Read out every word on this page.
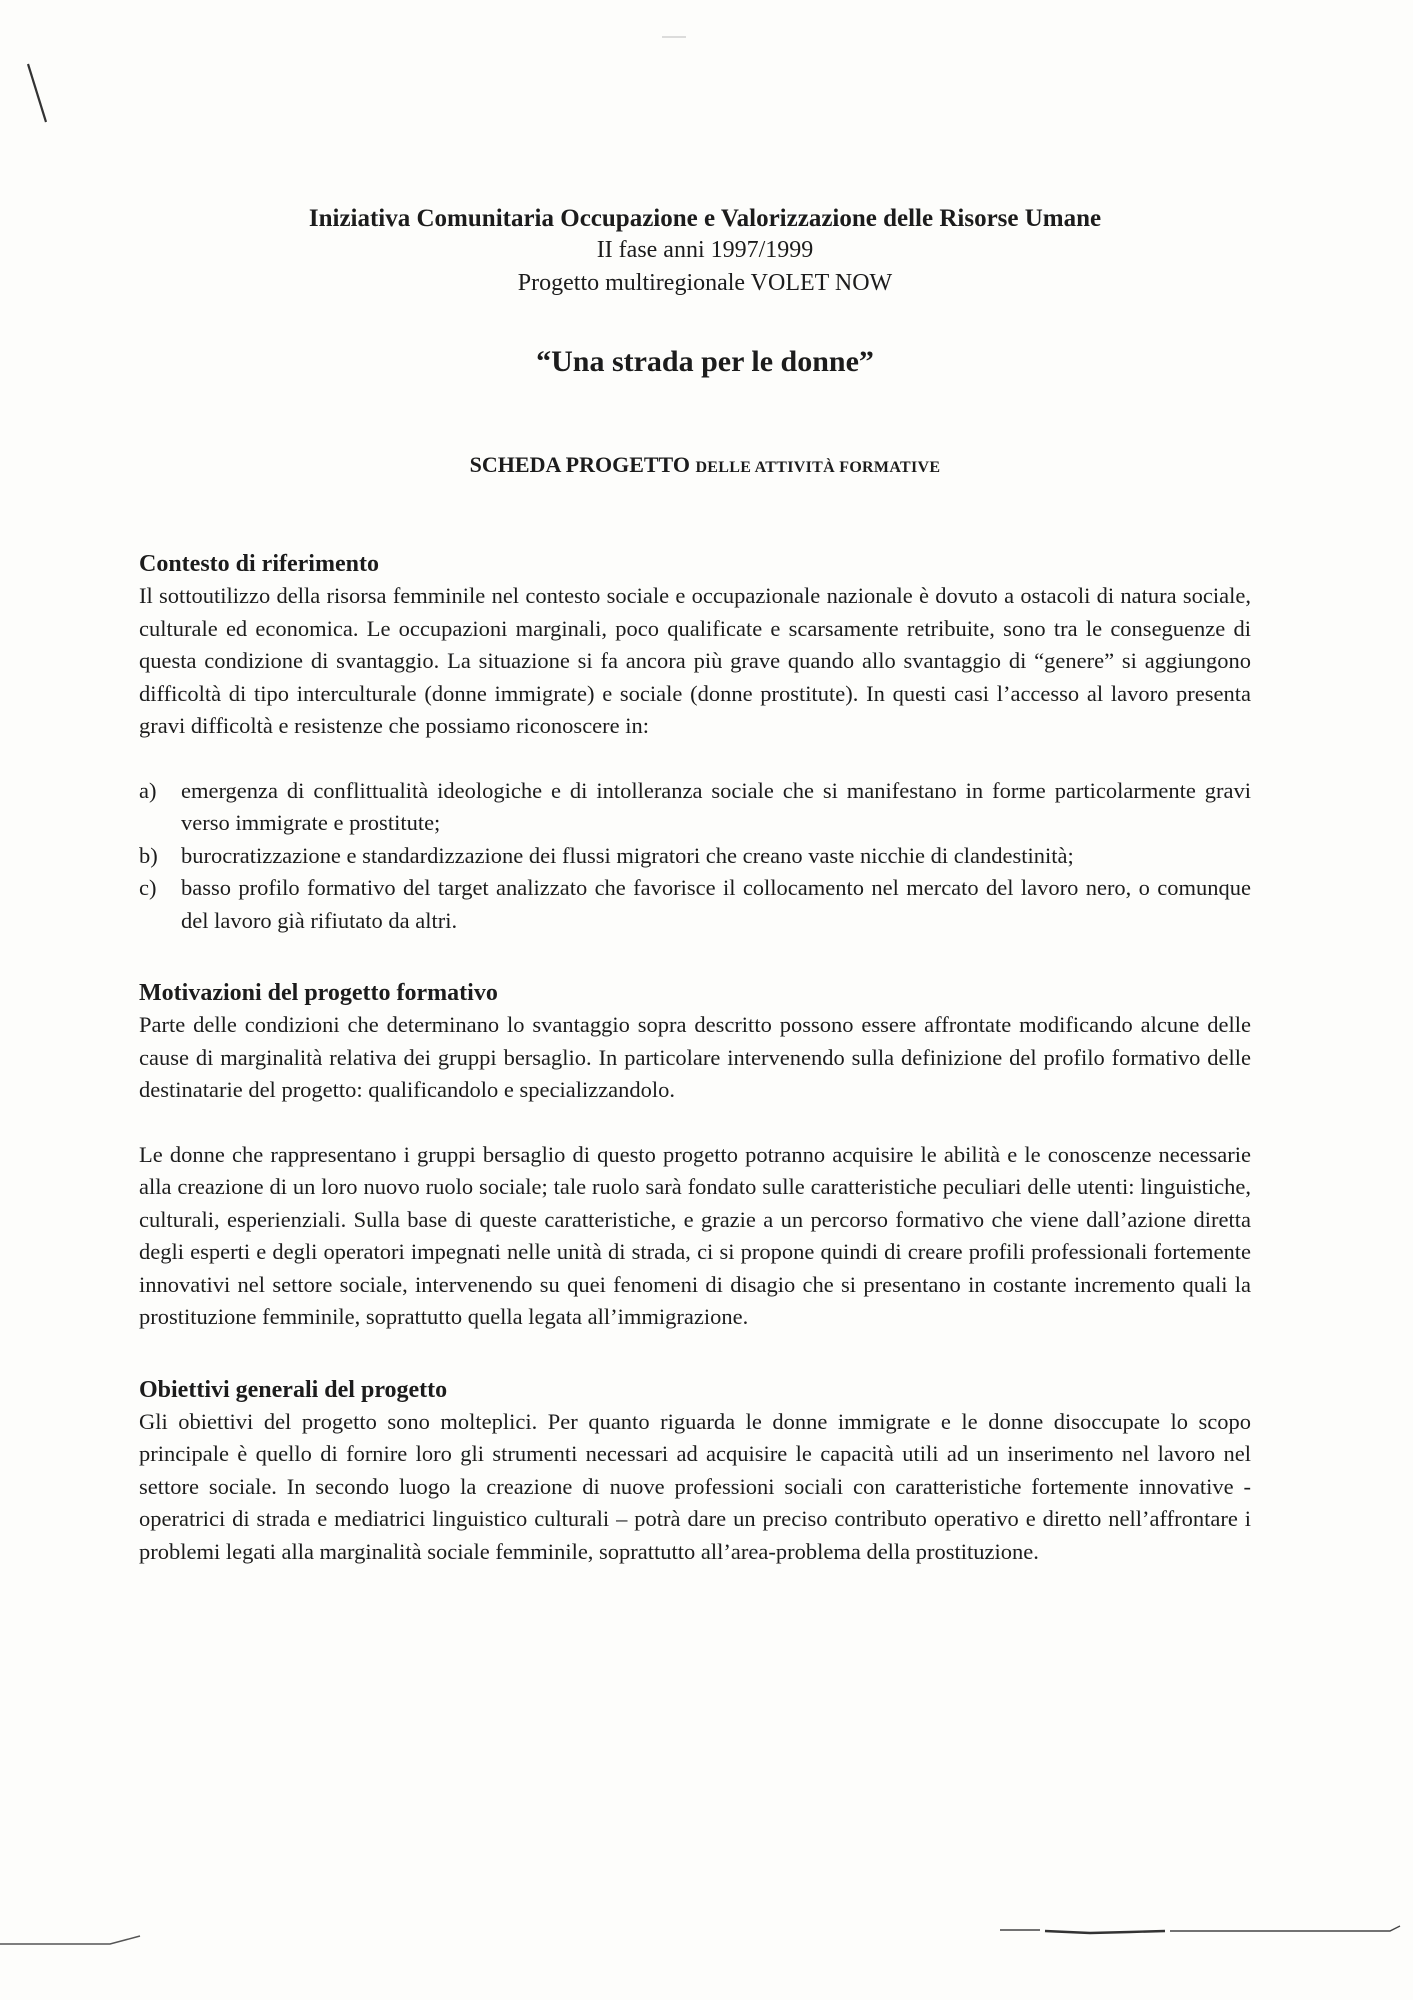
Iniziativa Comunitaria Occupazione e Valorizzazione delle Risorse Umane
II fase anni 1997/1999
Progetto multiregionale VOLET NOW
“Una strada per le donne”
SCHEDA PROGETTO DELLE ATTIVITÀ FORMATIVE
Contesto di riferimento

Il sottoutilizzo della risorsa femminile nel contesto sociale e occupazionale nazionale è dovuto a ostacoli di natura sociale, culturale ed economica. Le occupazioni marginali, poco qualificate e scarsamente retribuite, sono tra le conseguenze di questa condizione di svantaggio. La situazione si fa ancora più grave quando allo svantaggio di “genere” si aggiungono difficoltà di tipo interculturale (donne immigrate) e sociale (donne prostitute). In questi casi l’accesso al lavoro presenta gravi difficoltà e resistenze che possiamo riconoscere in:

a)	emergenza di conflittualità ideologiche e di intolleranza sociale che si manifestano in forme particolarmente gravi verso immigrate e prostitute;
b)	burocratizzazione e standardizzazione dei flussi migratori che creano vaste nicchie di clandestinità;
c)	basso profilo formativo del target analizzato che favorisce il collocamento nel mercato del lavoro nero, o comunque del lavoro già rifiutato da altri.
Motivazioni del progetto formativo

Parte delle condizioni che determinano lo svantaggio sopra descritto possono essere affrontate modificando alcune delle cause di marginalità relativa dei gruppi bersaglio. In particolare intervenendo sulla definizione del profilo formativo delle destinatarie del progetto: qualificandolo e specializzandolo.

Le donne che rappresentano i gruppi bersaglio di questo progetto potranno acquisire le abilità e le conoscenze necessarie alla creazione di un loro nuovo ruolo sociale; tale ruolo sarà fondato sulle caratteristiche peculiari delle utenti: linguistiche, culturali, esperienziali. Sulla base di queste caratteristiche, e grazie a un percorso formativo che viene dall’azione diretta degli esperti e degli operatori impegnati nelle unità di strada, ci si propone quindi di creare profili professionali fortemente innovativi nel settore sociale, intervenendo su quei fenomeni di disagio che si presentano in costante incremento quali la prostituzione femminile, soprattutto quella legata all’immigrazione.

Obiettivi generali del progetto

Gli obiettivi del progetto sono molteplici. Per quanto riguarda le donne immigrate e le donne disoccupate lo scopo principale è quello di fornire loro gli strumenti necessari ad acquisire le capacità utili ad un inserimento nel lavoro nel settore sociale. In secondo luogo la creazione di nuove professioni sociali con caratteristiche fortemente innovative - operatrici di strada e mediatrici linguistico culturali – potrà dare un preciso contributo operativo e diretto nell’affrontare i problemi legati alla marginalità sociale femminile, soprattutto all’area-problema della prostituzione.
